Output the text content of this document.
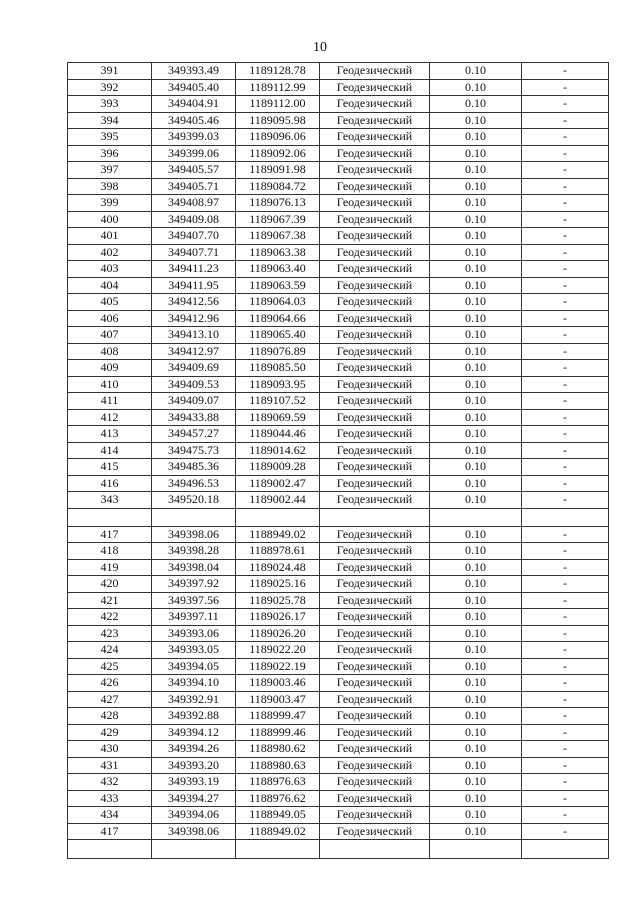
10
391	349393.49	1189128.78	Геодезический	0.10	-
392	349405.40	1189112.99	Геодезический	0.10	-
393	349404.91	1189112.00	Геодезический	0.10	-
394	349405.46	1189095.98	Геодезический	0.10	-
395	349399.03	1189096.06	Геодезический	0.10	-
396	349399.06	1189092.06	Геодезический	0.10	-
397	349405.57	1189091.98	Геодезический	0.10	-
398	349405.71	1189084.72	Геодезический	0.10	-
399	349408.97	1189076.13	Геодезический	0.10	-
400	349409.08	1189067.39	Геодезический	0.10	-
401	349407.70	1189067.38	Геодезический	0.10	-
402	349407.71	1189063.38	Геодезический	0.10	-
403	349411.23	1189063.40	Геодезический	0.10	-
404	349411.95	1189063.59	Геодезический	0.10	-
405	349412.56	1189064.03	Геодезический	0.10	-
406	349412.96	1189064.66	Геодезический	0.10	-
407	349413.10	1189065.40	Геодезический	0.10	-
408	349412.97	1189076.89	Геодезический	0.10	-
409	349409.69	1189085.50	Геодезический	0.10	-
410	349409.53	1189093.95	Геодезический	0.10	-
411	349409.07	1189107.52	Геодезический	0.10	-
412	349433.88	1189069.59	Геодезический	0.10	-
413	349457.27	1189044.46	Геодезический	0.10	-
414	349475.73	1189014.62	Геодезический	0.10	-
415	349485.36	1189009.28	Геодезический	0.10	-
416	349496.53	1189002.47	Геодезический	0.10	-
343	349520.18	1189002.44	Геодезический	0.10	-

417	349398.06	1188949.02	Геодезический	0.10	-
418	349398.28	1188978.61	Геодезический	0.10	-
419	349398.04	1189024.48	Геодезический	0.10	-
420	349397.92	1189025.16	Геодезический	0.10	-
421	349397.56	1189025.78	Геодезический	0.10	-
422	349397.11	1189026.17	Геодезический	0.10	-
423	349393.06	1189026.20	Геодезический	0.10	-
424	349393.05	1189022.20	Геодезический	0.10	-
425	349394.05	1189022.19	Геодезический	0.10	-
426	349394.10	1189003.46	Геодезический	0.10	-
427	349392.91	1189003.47	Геодезический	0.10	-
428	349392.88	1188999.47	Геодезический	0.10	-
429	349394.12	1188999.46	Геодезический	0.10	-
430	349394.26	1188980.62	Геодезический	0.10	-
431	349393.20	1188980.63	Геодезический	0.10	-
432	349393.19	1188976.63	Геодезический	0.10	-
433	349394.27	1188976.62	Геодезический	0.10	-
434	349394.06	1188949.05	Геодезический	0.10	-
417	349398.06	1188949.02	Геодезический	0.10	-
